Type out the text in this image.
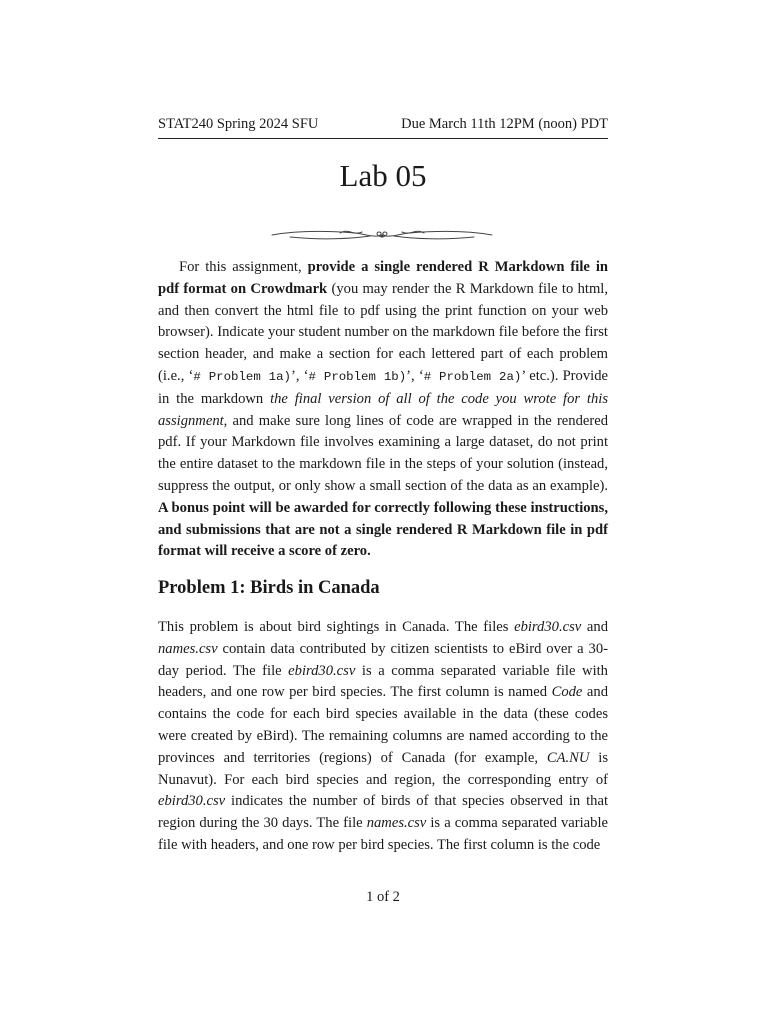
STAT240 Spring 2024 SFU	Due March 11th 12PM (noon) PDT
Lab 05

For this assignment, provide a single rendered R Markdown file in pdf format on Crowdmark (you may render the R Markdown file to html, and then convert the html file to pdf using the print function on your web browser). Indicate your student number on the markdown file before the first section header, and make a section for each lettered part of each problem (i.e., ‘# Problem 1a)’, ‘# Problem 1b)’, ‘# Problem 2a)’ etc.). Provide in the markdown the final version of all of the code you wrote for this assignment, and make sure long lines of code are wrapped in the rendered pdf. If your Markdown file involves examining a large dataset, do not print the entire dataset to the markdown file in the steps of your solution (instead, suppress the output, or only show a small section of the data as an example). A bonus point will be awarded for correctly following these instructions, and submissions that are not a single rendered R Markdown file in pdf format will receive a score of zero.

Problem 1: Birds in Canada

This problem is about bird sightings in Canada. The files ebird30.csv and names.csv contain data contributed by citizen scientists to eBird over a 30-day period. The file ebird30.csv is a comma separated variable file with headers, and one row per bird species. The first column is named Code and contains the code for each bird species available in the data (these codes were created by eBird). The remaining columns are named according to the provinces and territories (regions) of Canada (for example, CA.NU is Nunavut). For each bird species and region, the corresponding entry of ebird30.csv indicates the number of birds of that species observed in that region during the 30 days. The file names.csv is a comma separated variable file with headers, and one row per bird species. The first column is the code

1 of 2
